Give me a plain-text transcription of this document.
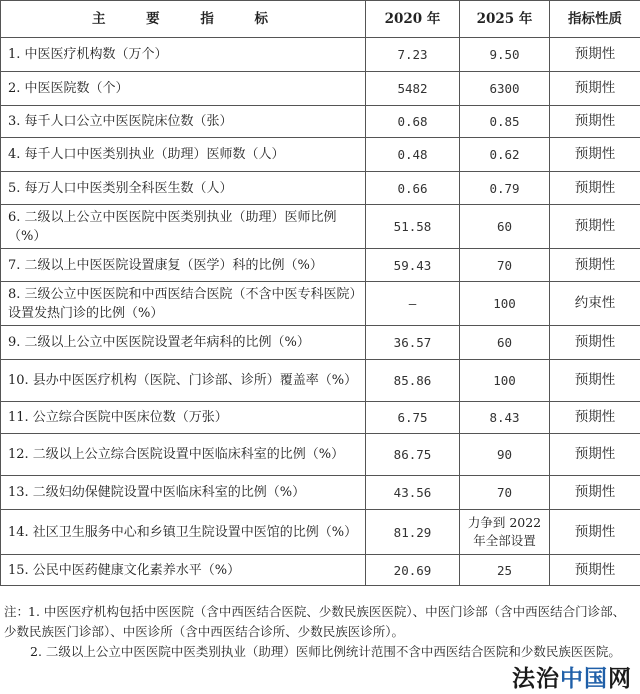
主 要 指 标	2020 年	2025 年	指标性质
1. 中医医疗机构数（万个）	7.23	9.50	预期性
2. 中医医院数（个）	5482	6300	预期性
3. 每千人口公立中医医院床位数（张）	0.68	0.85	预期性
4. 每千人口中医类别执业（助理）医师数（人）	0.48	0.62	预期性
5. 每万人口中医类别全科医生数（人）	0.66	0.79	预期性
6. 二级以上公立中医医院中医类别执业（助理）医师比例（%）	51.58	60	预期性
7. 二级以上中医医院设置康复（医学）科的比例（%）	59.43	70	预期性
8. 三级公立中医医院和中西医结合医院（不含中医专科医院）设置发热门诊的比例（%）	—	100	约束性
9. 二级以上公立中医医院设置老年病科的比例（%）	36.57	60	预期性
10. 县办中医医疗机构（医院、门诊部、诊所）覆盖率（%）	85.86	100	预期性
11. 公立综合医院中医床位数（万张）	6.75	8.43	预期性
12. 二级以上公立综合医院设置中医临床科室的比例（%）	86.75	90	预期性
13. 二级妇幼保健院设置中医临床科室的比例（%）	43.56	70	预期性
14. 社区卫生服务中心和乡镇卫生院设置中医馆的比例（%）	81.29	力争到 2022 年全部设置	预期性
15. 公民中医药健康文化素养水平（%）	20.69	25	预期性

注：1. 中医医疗机构包括中医医院（含中西医结合医院、少数民族医医院）、中医门诊部（含中西医结合门诊部、少数民族医门诊部）、中医诊所（含中西医结合诊所、少数民族医诊所）。

2. 二级以上公立中医医院中医类别执业（助理）医师比例统计范围不含中西医结合医院和少数民族医医院。

法治中国网
